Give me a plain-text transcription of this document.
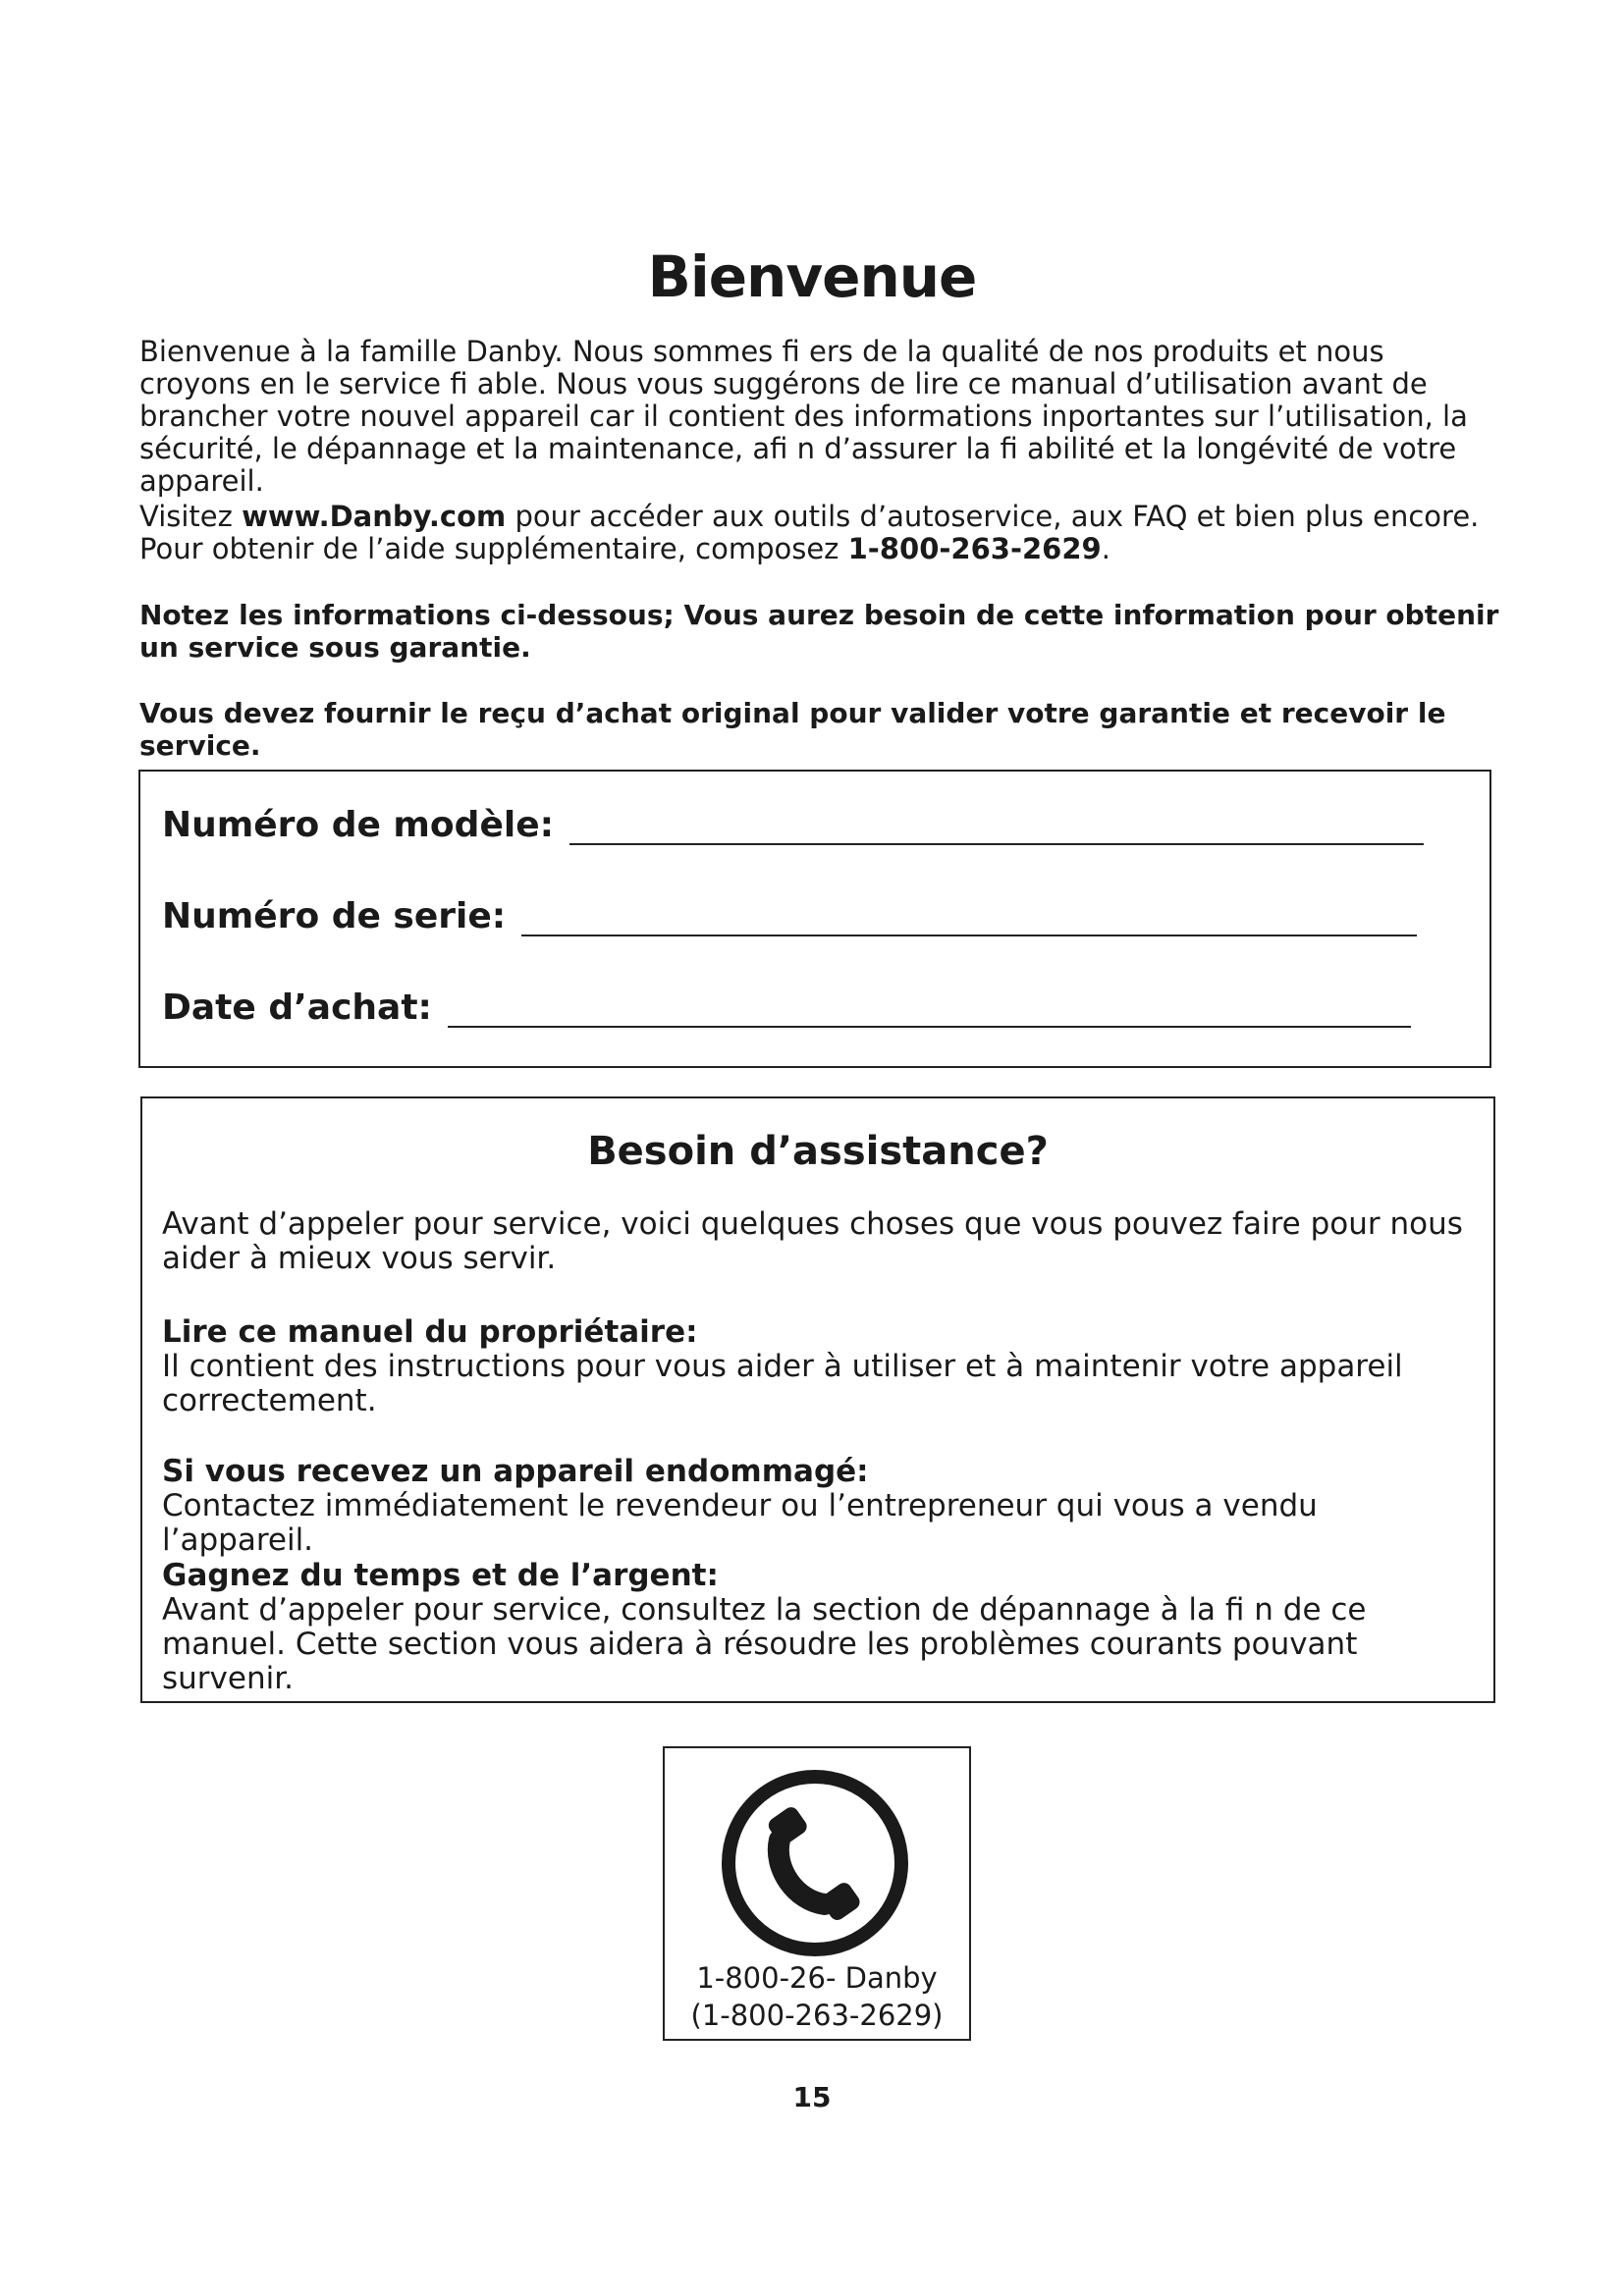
Bienvenue

Bienvenue à la famille Danby. Nous sommes fi ers de la qualité de nos produits et nous croyons en le service fi able. Nous vous suggérons de lire ce manual d’utilisation avant de brancher votre nouvel appareil car il contient des informations inportantes sur l’utilisation, la sécurité, le dépannage et la maintenance, afi n d’assurer la fi abilité et la longévité de votre appareil.

Visitez www.Danby.com pour accéder aux outils d’autoservice, aux FAQ et bien plus encore. Pour obtenir de l’aide supplémentaire, composez 1-800-263-2629.

Notez les informations ci-dessous; Vous aurez besoin de cette information pour obtenir un service sous garantie.

Vous devez fournir le reçu d’achat original pour valider votre garantie et recevoir le service.

Numéro de modèle:
Numéro de serie:
Date d’achat:
Besoin d’assistance?

Avant d’appeler pour service, voici quelques choses que vous pouvez faire pour nous aider à mieux vous servir.

Lire ce manuel du propriétaire:
Il contient des instructions pour vous aider à utiliser et à maintenir votre appareil correctement.

Si vous recevez un appareil endommagé:
Contactez immédiatement le revendeur ou l’entrepreneur qui vous a vendu l’appareil.

Gagnez du temps et de l’argent:
Avant d’appeler pour service, consultez la section de dépannage à la fi n de ce manuel. Cette section vous aidera à résoudre les problèmes courants pouvant survenir.

1-800-26- Danby
(1-800-263-2629)
15
